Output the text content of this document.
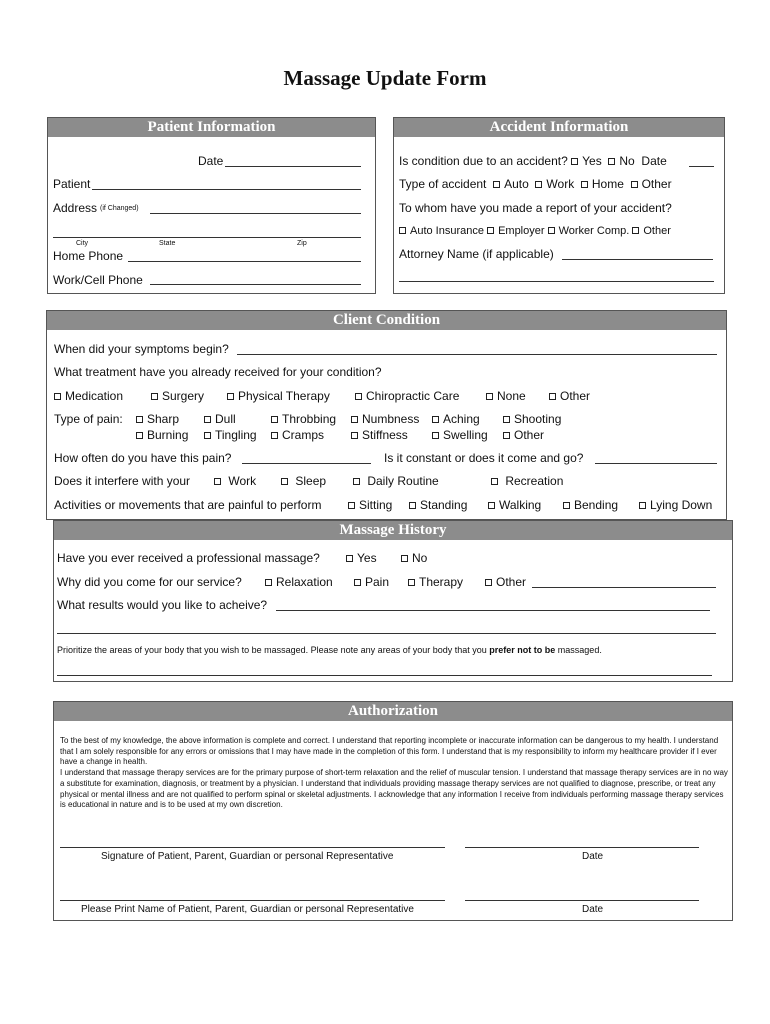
Massage Update Form
Patient Information
Date
Patient
Address (if Changed)
City	State	Zip
Home Phone
Work/Cell Phone
Accident Information
Is condition due to an accident? Yes No Date
Type of accident Auto Work Home Other
To whom have you made a report of your accident?
Auto Insurance Employer Worker Comp. Other
Attorney Name (if applicable)
Client Condition
When did your symptoms begin?
What treatment have you already received for your condition?
Medication	Surgery	Physical Therapy	Chiropractic Care	None	Other
Type of pain:	Sharp	Dull	Throbbing	Numbness	Aching	Shooting
Burning	Tingling	Cramps	Stiffness	Swelling	Other
How often do you have this pain?	Is it constant or does it come and go?
Does it interfere with your	Work	Sleep	Daily Routine	Recreation
Activities or movements that are painful to perform	Sitting	Standing	Walking	Bending	Lying Down
Massage History
Have you ever received a professional massage?	Yes	No
Why did you come for our service?	Relaxation	Pain	Therapy	Other
What results would you like to acheive?
Prioritize the areas of your body that you wish to be massaged. Please note any areas of your body that you prefer not to be massaged.
Authorization

To the best of my knowledge, the above information is complete and correct. I understand that reporting incomplete or inaccurate information can be dangerous to my health. I understand that I am solely responsible for any errors or omissions that I may have made in the completion of this form. I understand that is my responsibility to inform my healthcare provider if I ever have a change in health.

I understand that massage therapy services are for the primary purpose of short-term relaxation and the relief of muscular tension. I understand that massage therapy services are in no way a substitute for examination, diagnosis, or treatment by a physician. I understand that individuals providing massage therapy services are not qualified to diagnose, prescribe, or treat any physical or mental illness and are not qualified to perform spinal or skeletal adjustments. I acknowledge that any information I receive from individuals performing massage therapy services is educational in nature and is to be used at my own discretion.

Signature of Patient, Parent, Guardian or personal Representative	Date
Please Print Name of Patient, Parent, Guardian or personal Representative	Date
